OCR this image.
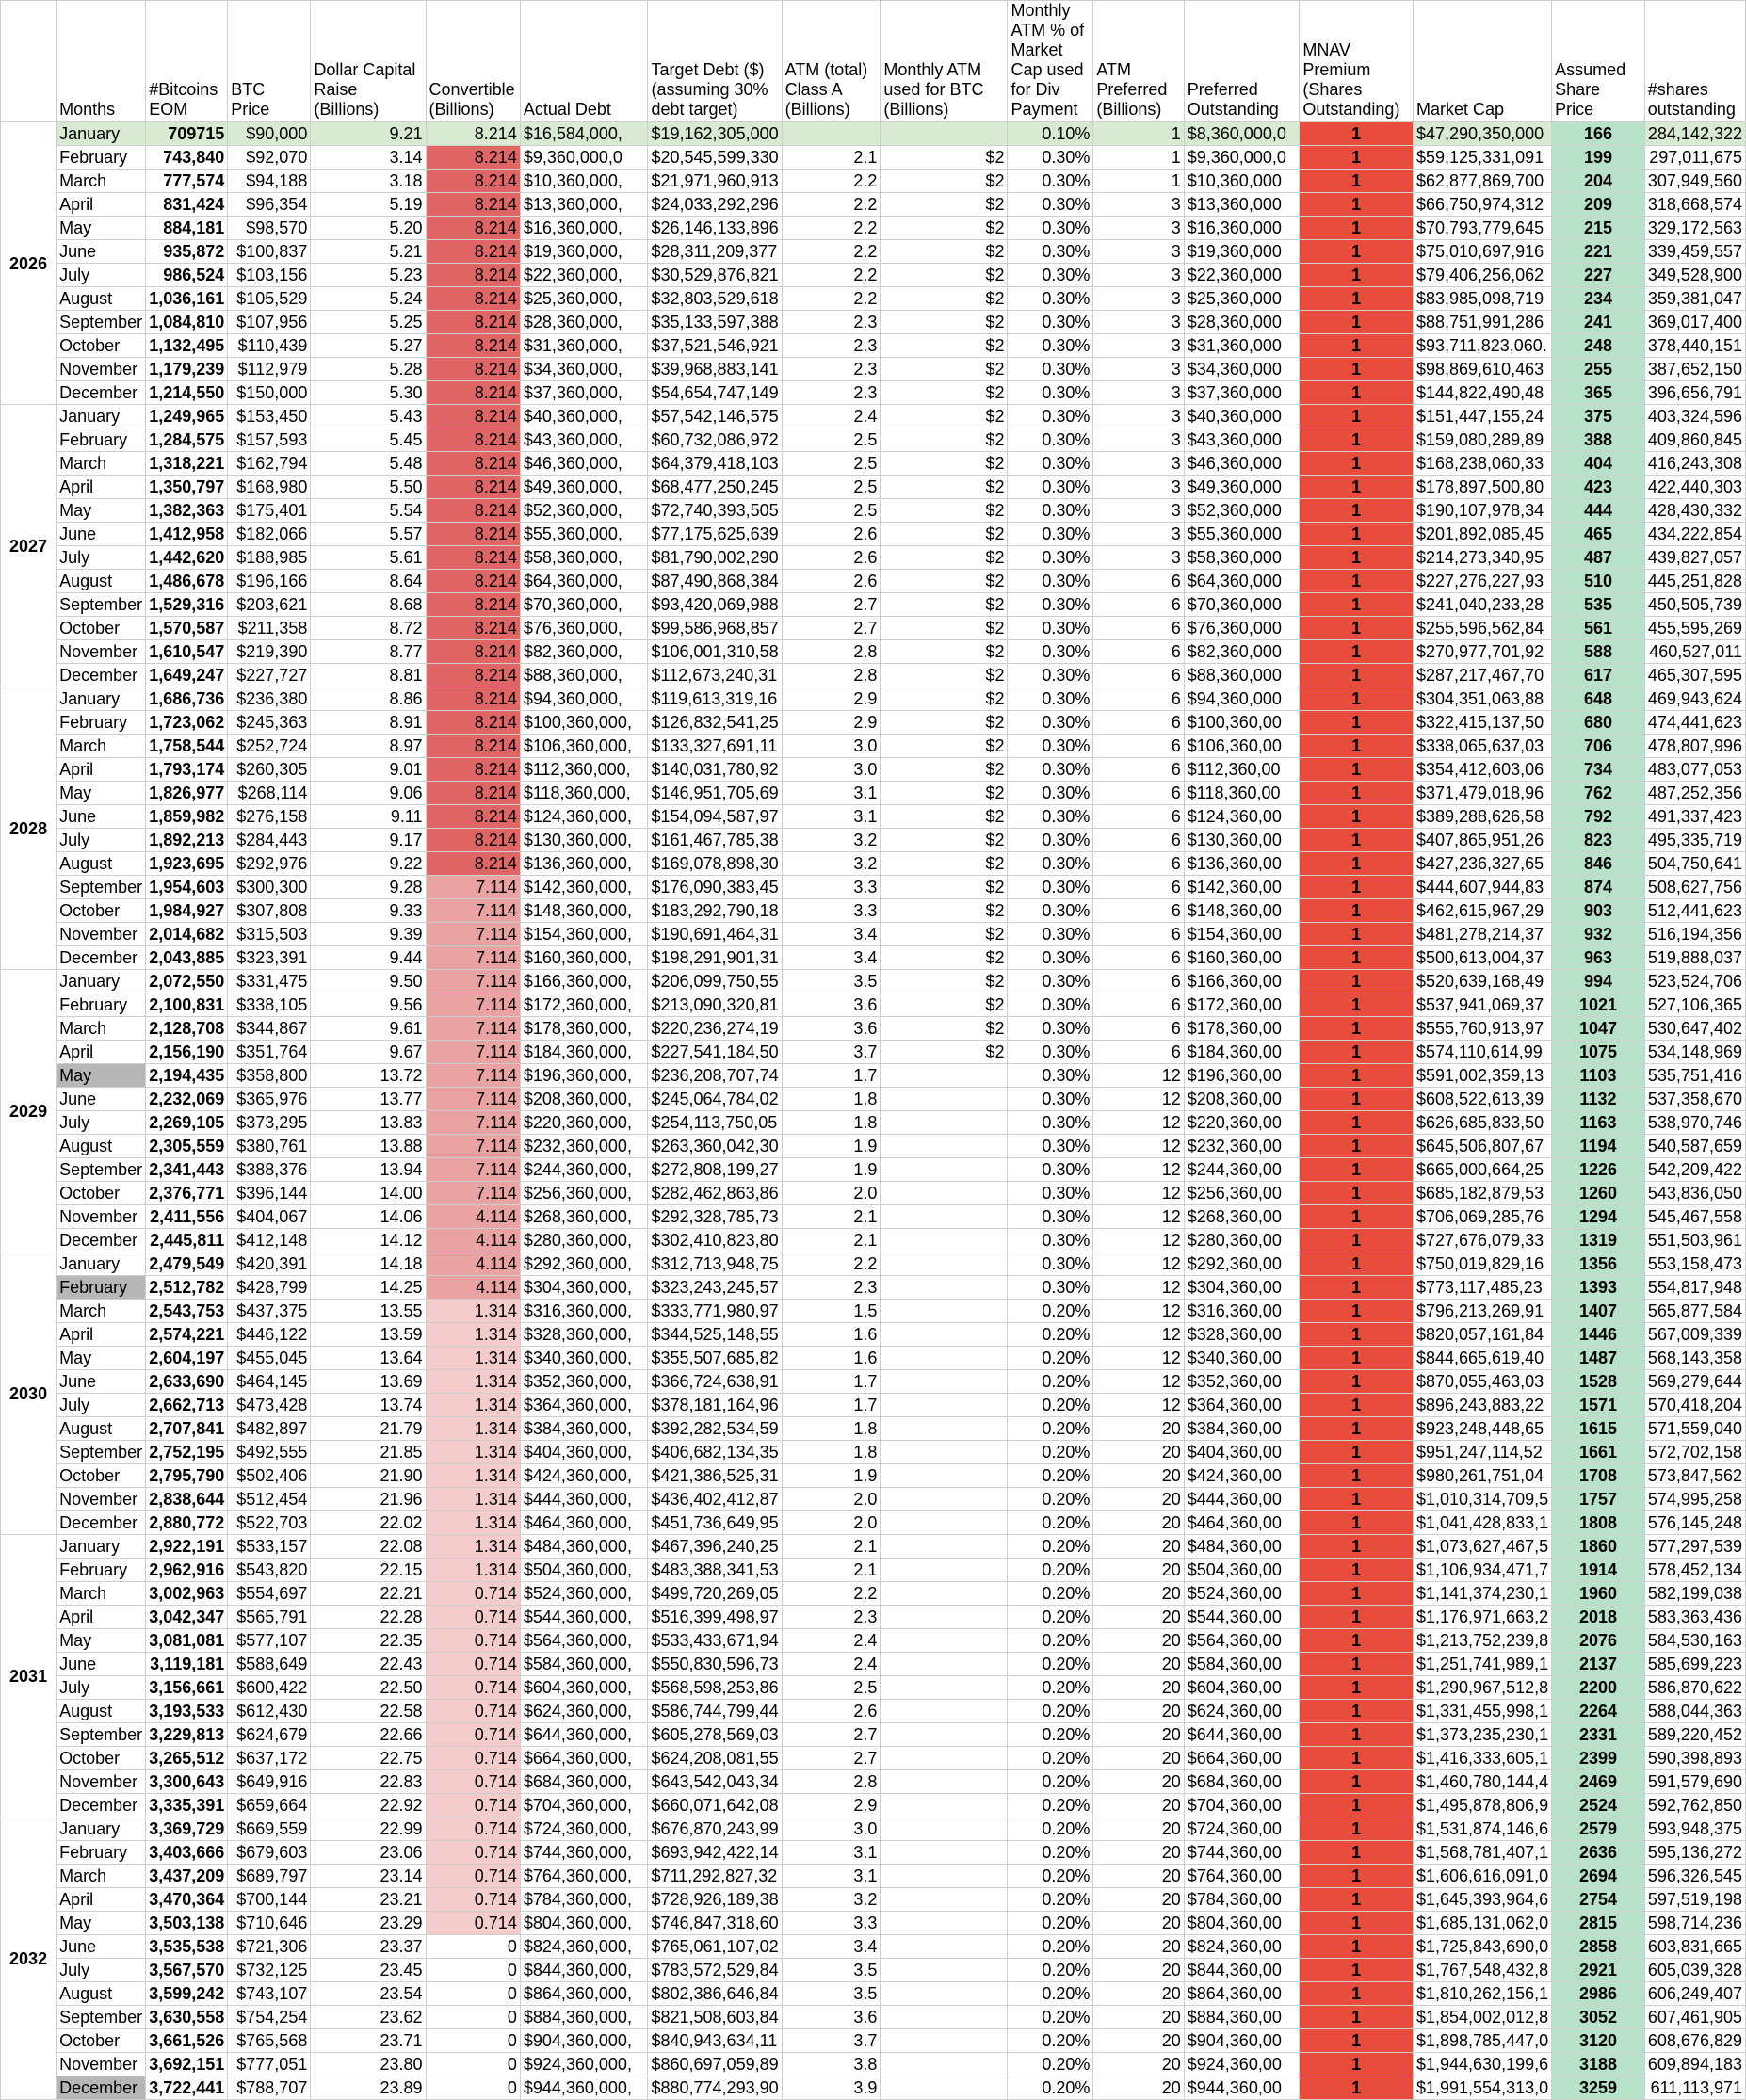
	Months	#Bitcoins EOM	BTC Price	Dollar Capital Raise (Billions)	Convertible (Billions)	Actual Debt	Target Debt ($) (assuming 30% debt target)	ATM (total) Class A (Billions)	Monthly ATM used for BTC (Billions)	Monthly ATM % of Market Cap used for Div Payment	ATM Preferred (Billions)	Preferred Outstanding	MNAV Premium (Shares Outstanding)	Market Cap	Assumed Share Price	#shares outstanding
2026	January	709715	$90,000	9.21	8.214	$16,584,000,	$19,162,305,000			0.10%	1	$8,360,000,0	1	$47,290,350,000	166	284,142,322
	February	743,840	$92,070	3.14	8.214	$9,360,000,0	$20,545,599,330	2.1	$2	0.30%	1	$9,360,000,0	1	$59,125,331,091	199	297,011,675
	March	777,574	$94,188	3.18	8.214	$10,360,000,	$21,971,960,913	2.2	$2	0.30%	1	$10,360,000	1	$62,877,869,700	204	307,949,560
	April	831,424	$96,354	5.19	8.214	$13,360,000,	$24,033,292,296	2.2	$2	0.30%	3	$13,360,000	1	$66,750,974,312	209	318,668,574
	May	884,181	$98,570	5.20	8.214	$16,360,000,	$26,146,133,896	2.2	$2	0.30%	3	$16,360,000	1	$70,793,779,645	215	329,172,563
	June	935,872	$100,837	5.21	8.214	$19,360,000,	$28,311,209,377	2.2	$2	0.30%	3	$19,360,000	1	$75,010,697,916	221	339,459,557
	July	986,524	$103,156	5.23	8.214	$22,360,000,	$30,529,876,821	2.2	$2	0.30%	3	$22,360,000	1	$79,406,256,062	227	349,528,900
	August	1,036,161	$105,529	5.24	8.214	$25,360,000,	$32,803,529,618	2.2	$2	0.30%	3	$25,360,000	1	$83,985,098,719	234	359,381,047
	September	1,084,810	$107,956	5.25	8.214	$28,360,000,	$35,133,597,388	2.3	$2	0.30%	3	$28,360,000	1	$88,751,991,286	241	369,017,400
	October	1,132,495	$110,439	5.27	8.214	$31,360,000,	$37,521,546,921	2.3	$2	0.30%	3	$31,360,000	1	$93,711,823,060.	248	378,440,151
	November	1,179,239	$112,979	5.28	8.214	$34,360,000,	$39,968,883,141	2.3	$2	0.30%	3	$34,360,000	1	$98,869,610,463	255	387,652,150
	December	1,214,550	$150,000	5.30	8.214	$37,360,000,	$54,654,747,149	2.3	$2	0.30%	3	$37,360,000	1	$144,822,490,48	365	396,656,791
2027	January	1,249,965	$153,450	5.43	8.214	$40,360,000,	$57,542,146,575	2.4	$2	0.30%	3	$40,360,000	1	$151,447,155,24	375	403,324,596
	February	1,284,575	$157,593	5.45	8.214	$43,360,000,	$60,732,086,972	2.5	$2	0.30%	3	$43,360,000	1	$159,080,289,89	388	409,860,845
	March	1,318,221	$162,794	5.48	8.214	$46,360,000,	$64,379,418,103	2.5	$2	0.30%	3	$46,360,000	1	$168,238,060,33	404	416,243,308
	April	1,350,797	$168,980	5.50	8.214	$49,360,000,	$68,477,250,245	2.5	$2	0.30%	3	$49,360,000	1	$178,897,500,80	423	422,440,303
	May	1,382,363	$175,401	5.54	8.214	$52,360,000,	$72,740,393,505	2.5	$2	0.30%	3	$52,360,000	1	$190,107,978,34	444	428,430,332
	June	1,412,958	$182,066	5.57	8.214	$55,360,000,	$77,175,625,639	2.6	$2	0.30%	3	$55,360,000	1	$201,892,085,45	465	434,222,854
	July	1,442,620	$188,985	5.61	8.214	$58,360,000,	$81,790,002,290	2.6	$2	0.30%	3	$58,360,000	1	$214,273,340,95	487	439,827,057
	August	1,486,678	$196,166	8.64	8.214	$64,360,000,	$87,490,868,384	2.6	$2	0.30%	6	$64,360,000	1	$227,276,227,93	510	445,251,828
	September	1,529,316	$203,621	8.68	8.214	$70,360,000,	$93,420,069,988	2.7	$2	0.30%	6	$70,360,000	1	$241,040,233,28	535	450,505,739
	October	1,570,587	$211,358	8.72	8.214	$76,360,000,	$99,586,968,857	2.7	$2	0.30%	6	$76,360,000	1	$255,596,562,84	561	455,595,269
	November	1,610,547	$219,390	8.77	8.214	$82,360,000,	$106,001,310,58	2.8	$2	0.30%	6	$82,360,000	1	$270,977,701,92	588	460,527,011
	December	1,649,247	$227,727	8.81	8.214	$88,360,000,	$112,673,240,31	2.8	$2	0.30%	6	$88,360,000	1	$287,217,467,70	617	465,307,595
2028	January	1,686,736	$236,380	8.86	8.214	$94,360,000,	$119,613,319,16	2.9	$2	0.30%	6	$94,360,000	1	$304,351,063,88	648	469,943,624
	February	1,723,062	$245,363	8.91	8.214	$100,360,000,	$126,832,541,25	2.9	$2	0.30%	6	$100,360,00	1	$322,415,137,50	680	474,441,623
	March	1,758,544	$252,724	8.97	8.214	$106,360,000,	$133,327,691,11	3.0	$2	0.30%	6	$106,360,00	1	$338,065,637,03	706	478,807,996
	April	1,793,174	$260,305	9.01	8.214	$112,360,000,	$140,031,780,92	3.0	$2	0.30%	6	$112,360,00	1	$354,412,603,06	734	483,077,053
	May	1,826,977	$268,114	9.06	8.214	$118,360,000,	$146,951,705,69	3.1	$2	0.30%	6	$118,360,00	1	$371,479,018,96	762	487,252,356
	June	1,859,982	$276,158	9.11	8.214	$124,360,000,	$154,094,587,97	3.1	$2	0.30%	6	$124,360,00	1	$389,288,626,58	792	491,337,423
	July	1,892,213	$284,443	9.17	8.214	$130,360,000,	$161,467,785,38	3.2	$2	0.30%	6	$130,360,00	1	$407,865,951,26	823	495,335,719
	August	1,923,695	$292,976	9.22	8.214	$136,360,000,	$169,078,898,30	3.2	$2	0.30%	6	$136,360,00	1	$427,236,327,65	846	504,750,641
	September	1,954,603	$300,300	9.28	7.114	$142,360,000,	$176,090,383,45	3.3	$2	0.30%	6	$142,360,00	1	$444,607,944,83	874	508,627,756
	October	1,984,927	$307,808	9.33	7.114	$148,360,000,	$183,292,790,18	3.3	$2	0.30%	6	$148,360,00	1	$462,615,967,29	903	512,441,623
	November	2,014,682	$315,503	9.39	7.114	$154,360,000,	$190,691,464,31	3.4	$2	0.30%	6	$154,360,00	1	$481,278,214,37	932	516,194,356
	December	2,043,885	$323,391	9.44	7.114	$160,360,000,	$198,291,901,31	3.4	$2	0.30%	6	$160,360,00	1	$500,613,004,37	963	519,888,037
2029	January	2,072,550	$331,475	9.50	7.114	$166,360,000,	$206,099,750,55	3.5	$2	0.30%	6	$166,360,00	1	$520,639,168,49	994	523,524,706
	February	2,100,831	$338,105	9.56	7.114	$172,360,000,	$213,090,320,81	3.6	$2	0.30%	6	$172,360,00	1	$537,941,069,37	1021	527,106,365
	March	2,128,708	$344,867	9.61	7.114	$178,360,000,	$220,236,274,19	3.6	$2	0.30%	6	$178,360,00	1	$555,760,913,97	1047	530,647,402
	April	2,156,190	$351,764	9.67	7.114	$184,360,000,	$227,541,184,50	3.7	$2	0.30%	6	$184,360,00	1	$574,110,614,99	1075	534,148,969
	May	2,194,435	$358,800	13.72	7.114	$196,360,000,	$236,208,707,74	1.7		0.30%	12	$196,360,00	1	$591,002,359,13	1103	535,751,416
	June	2,232,069	$365,976	13.77	7.114	$208,360,000,	$245,064,784,02	1.8		0.30%	12	$208,360,00	1	$608,522,613,39	1132	537,358,670
	July	2,269,105	$373,295	13.83	7.114	$220,360,000,	$254,113,750,05	1.8		0.30%	12	$220,360,00	1	$626,685,833,50	1163	538,970,746
	August	2,305,559	$380,761	13.88	7.114	$232,360,000,	$263,360,042,30	1.9		0.30%	12	$232,360,00	1	$645,506,807,67	1194	540,587,659
	September	2,341,443	$388,376	13.94	7.114	$244,360,000,	$272,808,199,27	1.9		0.30%	12	$244,360,00	1	$665,000,664,25	1226	542,209,422
	October	2,376,771	$396,144	14.00	7.114	$256,360,000,	$282,462,863,86	2.0		0.30%	12	$256,360,00	1	$685,182,879,53	1260	543,836,050
	November	2,411,556	$404,067	14.06	4.114	$268,360,000,	$292,328,785,73	2.1		0.30%	12	$268,360,00	1	$706,069,285,76	1294	545,467,558
	December	2,445,811	$412,148	14.12	4.114	$280,360,000,	$302,410,823,80	2.1		0.30%	12	$280,360,00	1	$727,676,079,33	1319	551,503,961
2030	January	2,479,549	$420,391	14.18	4.114	$292,360,000,	$312,713,948,75	2.2		0.30%	12	$292,360,00	1	$750,019,829,16	1356	553,158,473
	February	2,512,782	$428,799	14.25	4.114	$304,360,000,	$323,243,245,57	2.3		0.30%	12	$304,360,00	1	$773,117,485,23	1393	554,817,948
	March	2,543,753	$437,375	13.55	1.314	$316,360,000,	$333,771,980,97	1.5		0.20%	12	$316,360,00	1	$796,213,269,91	1407	565,877,584
	April	2,574,221	$446,122	13.59	1.314	$328,360,000,	$344,525,148,55	1.6		0.20%	12	$328,360,00	1	$820,057,161,84	1446	567,009,339
	May	2,604,197	$455,045	13.64	1.314	$340,360,000,	$355,507,685,82	1.6		0.20%	12	$340,360,00	1	$844,665,619,40	1487	568,143,358
	June	2,633,690	$464,145	13.69	1.314	$352,360,000,	$366,724,638,91	1.7		0.20%	12	$352,360,00	1	$870,055,463,03	1528	569,279,644
	July	2,662,713	$473,428	13.74	1.314	$364,360,000,	$378,181,164,96	1.7		0.20%	12	$364,360,00	1	$896,243,883,22	1571	570,418,204
	August	2,707,841	$482,897	21.79	1.314	$384,360,000,	$392,282,534,59	1.8		0.20%	20	$384,360,00	1	$923,248,448,65	1615	571,559,040
	September	2,752,195	$492,555	21.85	1.314	$404,360,000,	$406,682,134,35	1.8		0.20%	20	$404,360,00	1	$951,247,114,52	1661	572,702,158
	October	2,795,790	$502,406	21.90	1.314	$424,360,000,	$421,386,525,31	1.9		0.20%	20	$424,360,00	1	$980,261,751,04	1708	573,847,562
	November	2,838,644	$512,454	21.96	1.314	$444,360,000,	$436,402,412,87	2.0		0.20%	20	$444,360,00	1	$1,010,314,709,5	1757	574,995,258
	December	2,880,772	$522,703	22.02	1.314	$464,360,000,	$451,736,649,95	2.0		0.20%	20	$464,360,00	1	$1,041,428,833,1	1808	576,145,248
2031	January	2,922,191	$533,157	22.08	1.314	$484,360,000,	$467,396,240,25	2.1		0.20%	20	$484,360,00	1	$1,073,627,467,5	1860	577,297,539
	February	2,962,916	$543,820	22.15	1.314	$504,360,000,	$483,388,341,53	2.1		0.20%	20	$504,360,00	1	$1,106,934,471,7	1914	578,452,134
	March	3,002,963	$554,697	22.21	0.714	$524,360,000,	$499,720,269,05	2.2		0.20%	20	$524,360,00	1	$1,141,374,230,1	1960	582,199,038
	April	3,042,347	$565,791	22.28	0.714	$544,360,000,	$516,399,498,97	2.3		0.20%	20	$544,360,00	1	$1,176,971,663,2	2018	583,363,436
	May	3,081,081	$577,107	22.35	0.714	$564,360,000,	$533,433,671,94	2.4		0.20%	20	$564,360,00	1	$1,213,752,239,8	2076	584,530,163
	June	3,119,181	$588,649	22.43	0.714	$584,360,000,	$550,830,596,73	2.4		0.20%	20	$584,360,00	1	$1,251,741,989,1	2137	585,699,223
	July	3,156,661	$600,422	22.50	0.714	$604,360,000,	$568,598,253,86	2.5		0.20%	20	$604,360,00	1	$1,290,967,512,8	2200	586,870,622
	August	3,193,533	$612,430	22.58	0.714	$624,360,000,	$586,744,799,44	2.6		0.20%	20	$624,360,00	1	$1,331,455,998,1	2264	588,044,363
	September	3,229,813	$624,679	22.66	0.714	$644,360,000,	$605,278,569,03	2.7		0.20%	20	$644,360,00	1	$1,373,235,230,1	2331	589,220,452
	October	3,265,512	$637,172	22.75	0.714	$664,360,000,	$624,208,081,55	2.7		0.20%	20	$664,360,00	1	$1,416,333,605,1	2399	590,398,893
	November	3,300,643	$649,916	22.83	0.714	$684,360,000,	$643,542,043,34	2.8		0.20%	20	$684,360,00	1	$1,460,780,144,4	2469	591,579,690
	December	3,335,391	$659,664	22.92	0.714	$704,360,000,	$660,071,642,08	2.9		0.20%	20	$704,360,00	1	$1,495,878,806,9	2524	592,762,850
2032	January	3,369,729	$669,559	22.99	0.714	$724,360,000,	$676,870,243,99	3.0		0.20%	20	$724,360,00	1	$1,531,874,146,6	2579	593,948,375
	February	3,403,666	$679,603	23.06	0.714	$744,360,000,	$693,942,422,14	3.1		0.20%	20	$744,360,00	1	$1,568,781,407,1	2636	595,136,272
	March	3,437,209	$689,797	23.14	0.714	$764,360,000,	$711,292,827,32	3.1		0.20%	20	$764,360,00	1	$1,606,616,091,0	2694	596,326,545
	April	3,470,364	$700,144	23.21	0.714	$784,360,000,	$728,926,189,38	3.2		0.20%	20	$784,360,00	1	$1,645,393,964,6	2754	597,519,198
	May	3,503,138	$710,646	23.29	0.714	$804,360,000,	$746,847,318,60	3.3		0.20%	20	$804,360,00	1	$1,685,131,062,0	2815	598,714,236
	June	3,535,538	$721,306	23.37	0	$824,360,000,	$765,061,107,02	3.4		0.20%	20	$824,360,00	1	$1,725,843,690,0	2858	603,831,665
	July	3,567,570	$732,125	23.45	0	$844,360,000,	$783,572,529,84	3.5		0.20%	20	$844,360,00	1	$1,767,548,432,8	2921	605,039,328
	August	3,599,242	$743,107	23.54	0	$864,360,000,	$802,386,646,84	3.5		0.20%	20	$864,360,00	1	$1,810,262,156,1	2986	606,249,407
	September	3,630,558	$754,254	23.62	0	$884,360,000,	$821,508,603,84	3.6		0.20%	20	$884,360,00	1	$1,854,002,012,8	3052	607,461,905
	October	3,661,526	$765,568	23.71	0	$904,360,000,	$840,943,634,11	3.7		0.20%	20	$904,360,00	1	$1,898,785,447,0	3120	608,676,829
	November	3,692,151	$777,051	23.80	0	$924,360,000,	$860,697,059,89	3.8		0.20%	20	$924,360,00	1	$1,944,630,199,6	3188	609,894,183
	December	3,722,441	$788,707	23.89	0	$944,360,000,	$880,774,293,90	3.9		0.20%	20	$944,360,00	1	$1,991,554,313,0	3259	611,113,971
